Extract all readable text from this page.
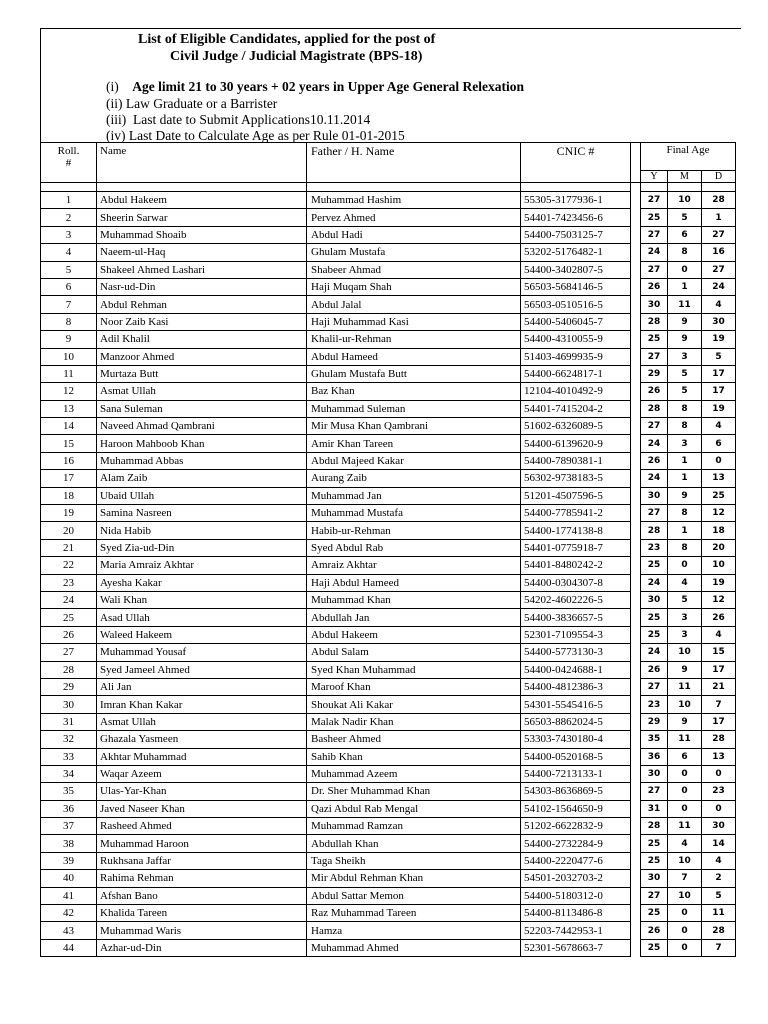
List of Eligible Candidates, applied for the post of
Civil Judge / Judicial Magistrate (BPS-18)
(i) Age limit 21 to 30 years + 02 years in Upper Age General Relexation
(ii) Law Graduate or a Barrister
(iii) Last date to Submit Applications10.11.2014
(iv) Last Date to Calculate Age as per Rule 01-01-2015
Roll.
#	Name	Father / H. Name	CNIC #		Final Age		
					Y	M	D

1	Abdul Hakeem	Muhammad Hashim	55305-3177936-1		27	10	28
2	Sheerin Sarwar	Pervez Ahmed	54401-7423456-6		25	5	1
3	Muhammad Shoaib	Abdul Hadi	54400-7503125-7		27	6	27
4	Naeem-ul-Haq	Ghulam Mustafa	53202-5176482-1		24	8	16
5	Shakeel Ahmed Lashari	Shabeer Ahmad	54400-3402807-5		27	0	27
6	Nasr-ud-Din	Haji Muqam Shah	56503-5684146-5		26	1	24
7	Abdul Rehman	Abdul Jalal	56503-0510516-5		30	11	4
8	Noor Zaib Kasi	Haji Muhammad Kasi	54400-5406045-7		28	9	30
9	Adil Khalil	Khalil-ur-Rehman	54400-4310055-9		25	9	19
10	Manzoor Ahmed	Abdul Hameed	51403-4699935-9		27	3	5
11	Murtaza Butt	Ghulam Mustafa Butt	54400-6624817-1		29	5	17
12	Asmat Ullah	Baz Khan	12104-4010492-9		26	5	17
13	Sana Suleman	Muhammad Suleman	54401-7415204-2		28	8	19
14	Naveed Ahmad Qambrani	Mir Musa Khan Qambrani	51602-6326089-5		27	8	4
15	Haroon Mahboob Khan	Amir Khan Tareen	54400-6139620-9		24	3	6
16	Muhammad Abbas	Abdul Majeed Kakar	54400-7890381-1		26	1	0
17	Alam Zaib	Aurang Zaib	56302-9738183-5		24	1	13
18	Ubaid Ullah	Muhammad Jan	51201-4507596-5		30	9	25
19	Samina Nasreen	Muhammad Mustafa	54400-7785941-2		27	8	12
20	Nida Habib	Habib-ur-Rehman	54400-1774138-8		28	1	18
21	Syed Zia-ud-Din	Syed Abdul Rab	54401-0775918-7		23	8	20
22	Maria Amraiz Akhtar	Amraiz Akhtar	54401-8480242-2		25	0	10
23	Ayesha Kakar	Haji Abdul Hameed	54400-0304307-8		24	4	19
24	Wali Khan	Muhammad Khan	54202-4602226-5		30	5	12
25	Asad Ullah	Abdullah Jan	54400-3836657-5		25	3	26
26	Waleed Hakeem	Abdul Hakeem	52301-7109554-3		25	3	4
27	Muhammad Yousaf	Abdul Salam	54400-5773130-3		24	10	15
28	Syed Jameel Ahmed	Syed Khan Muhammad	54400-0424688-1		26	9	17
29	Ali Jan	Maroof Khan	54400-4812386-3		27	11	21
30	Imran Khan Kakar	Shoukat Ali Kakar	54301-5545416-5		23	10	7
31	Asmat Ullah	Malak Nadir Khan	56503-8862024-5		29	9	17
32	Ghazala Yasmeen	Basheer Ahmed	53303-7430180-4		35	11	28
33	Akhtar Muhammad	Sahib Khan	54400-0520168-5		36	6	13
34	Waqar Azeem	Muhammad Azeem	54400-7213133-1		30	0	0
35	Ulas-Yar-Khan	Dr. Sher Muhammad Khan	54303-8636869-5		27	0	23
36	Javed Naseer Khan	Qazi Abdul Rab Mengal	54102-1564650-9		31	0	0
37	Rasheed Ahmed	Muhammad Ramzan	51202-6622832-9		28	11	30
38	Muhammad Haroon	Abdullah Khan	54400-2732284-9		25	4	14
39	Rukhsana Jaffar	Taga Sheikh	54400-2220477-6		25	10	4
40	Rahima Rehman	Mir Abdul Rehman Khan	54501-2032703-2		30	7	2
41	Afshan Bano	Abdul Sattar Memon	54400-5180312-0		27	10	5
42	Khalida Tareen	Raz Muhammad Tareen	54400-8113486-8		25	0	11
43	Muhammad Waris	Hamza	52203-7442953-1		26	0	28
44	Azhar-ud-Din	Muhammad Ahmed	52301-5678663-7		25	0	7
